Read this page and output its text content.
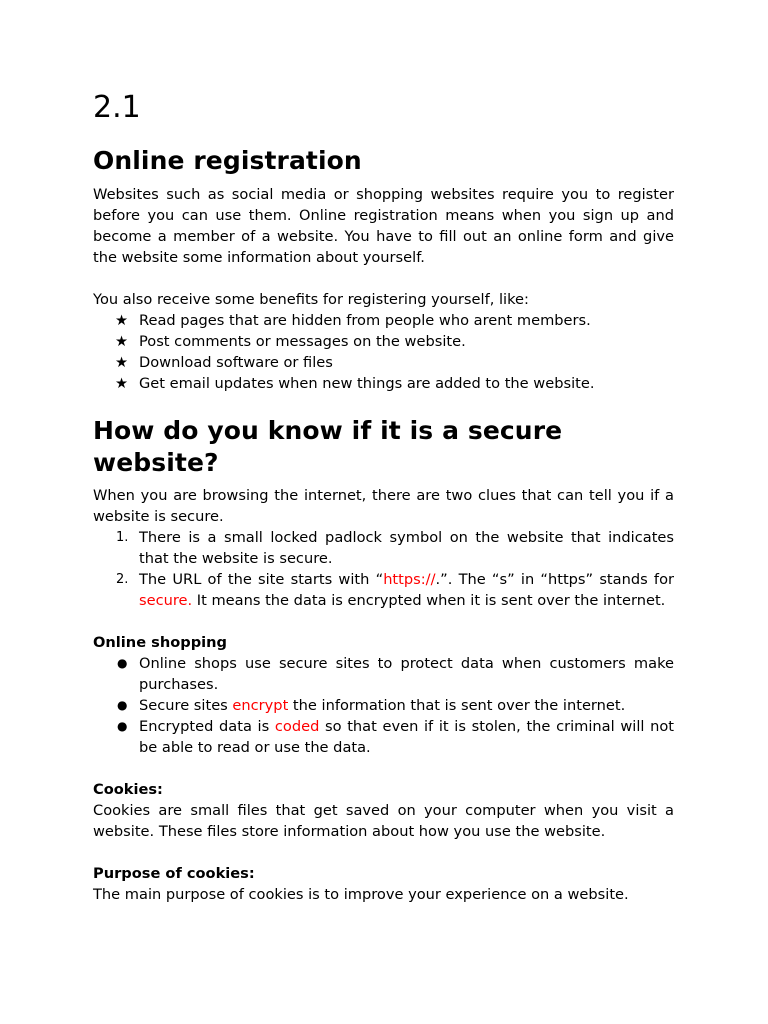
2.1
Online registration

Websites such as social media or shopping websites require you to register before you can use them. Online registration means when you sign up and become a member of a website. You have to fill out an online form and give the website some information about yourself.

You also receive some benefits for registering yourself, like:

★ Read pages that are hidden from people who arent members.
★ Post comments or messages on the website.
★ Download software or files
★ Get email updates when new things are added to the website.
How do you know if it is a secure website?

When you are browsing the internet, there are two clues that can tell you if a website is secure.

1. There is a small locked padlock symbol on the website that indicates that the website is secure.
2. The URL of the site starts with “https://.”. The “s” in “https” stands for secure. It means the data is encrypted when it is sent over the internet.
Online shopping
● Online shops use secure sites to protect data when customers make purchases.
● Secure sites encrypt the information that is sent over the internet.
● Encrypted data is coded so that even if it is stolen, the criminal will not be able to read or use the data.
Cookies:

Cookies are small files that get saved on your computer when you visit a website. These files store information about how you use the website.

Purpose of cookies:

The main purpose of cookies is to improve your experience on a website.
